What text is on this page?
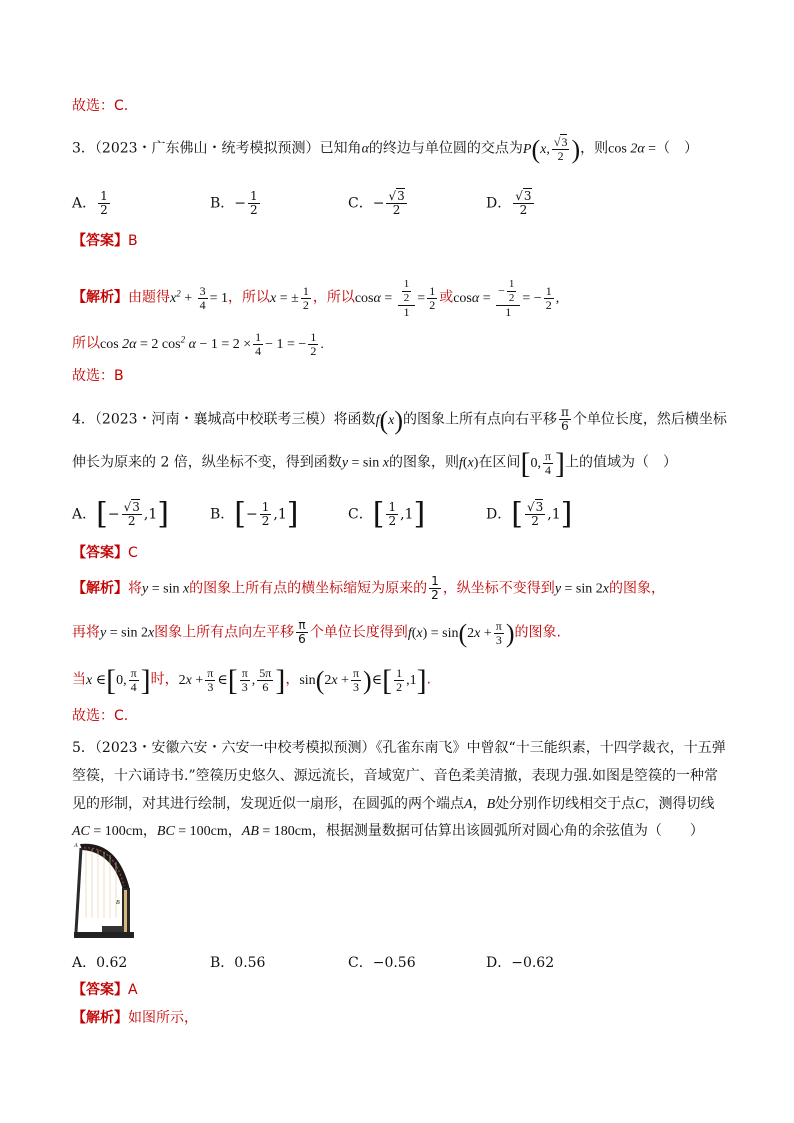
故选：C.
3．（2023・广东佛山・统考模拟预测）已知角α的终边与单位圆的交点为P(x, $\frac{√3}{2}$ )，则cos 2α =（　）
A． $\frac{1}{2}$	B．− $\frac{1}{2}$	C．− $\frac{√3}{2}$	D． $\frac{√3}{2}$
【答案】B
【解析】由题得$x^2 + \frac{3}{4} = 1$，所以x = ± $\frac{1}{2}$ ，所以$\cos\alpha = \frac{\frac{1}{2}}{1} = \frac{1}{2}$ 或$\cos\alpha = \frac{- \frac{1}{2}}{1}$ = − $\frac{1}{2}$ ,
所以cos 2α = 2 $\cos^2 \alpha - 1 = 2 \times \frac{1}{4} - 1$ = − $\frac{1}{2}$ .
故选：B
4．（2023・河南・襄城高中校联考三模）将函数f(x)的图象上所有点向右平移 $\frac{\pi}{6}$ 个单位长度，然后横坐标
伸长为原来的 2 倍，纵坐标不变，得到函数y = sin x的图象，则f(x)在区间[0, $\frac{\pi}{4}$ ]上的值域为（　）
A．[− $\frac{√3}{2} ,1$]	B．[− $\frac{1}{2} ,1$]	C．[ $\frac{1}{2} ,1$]	D．[ $\frac{√3}{2} ,1$]
【答案】C
【解析】将y = sin x的图象上所有点的横坐标缩短为原来的 $\frac{1}{2}$ ，纵坐标不变得到y = sin 2x的图象，
再将y = sin 2x图象上所有点向左平移 $\frac{\pi}{6}$ 个单位长度得到$f(x) = \sin(2x + \frac{\pi}{3}$ )的图象.
当x ∈[0, $\frac{\pi}{4}$ ]时，$2x + \frac{\pi}{3}$ ∈[ $\frac{\pi}{3}$ , $\frac{5\pi}{6}$ ]，$\sin(2x + \frac{\pi}{3}$ )∈[ $\frac{1}{2} ,1$].
故选：C.
5．（2023・安徽六安・六安一中校考模拟预测）《孔雀东南飞》中曾叙“十三能织素，十四学裁衣，十五弹
箜篌，十六诵诗书.”箜篌历史悠久、源远流长，音域宽广、音色柔美清撤，表现力强.如图是箜篌的一种常
见的形制，对其进行绘制，发现近似一扇形，在圆弧的两个端点A，B处分别作切线相交于点C，测得切线
AC = 100cm，BC = 100cm，AB = 180cm，根据测量数据可估算出该圆弧所对圆心角的余弦值为（　　）
A
B
A．0.62	B．0.56	C．−0.56	D．−0.62
【答案】A
【解析】如图所示，
